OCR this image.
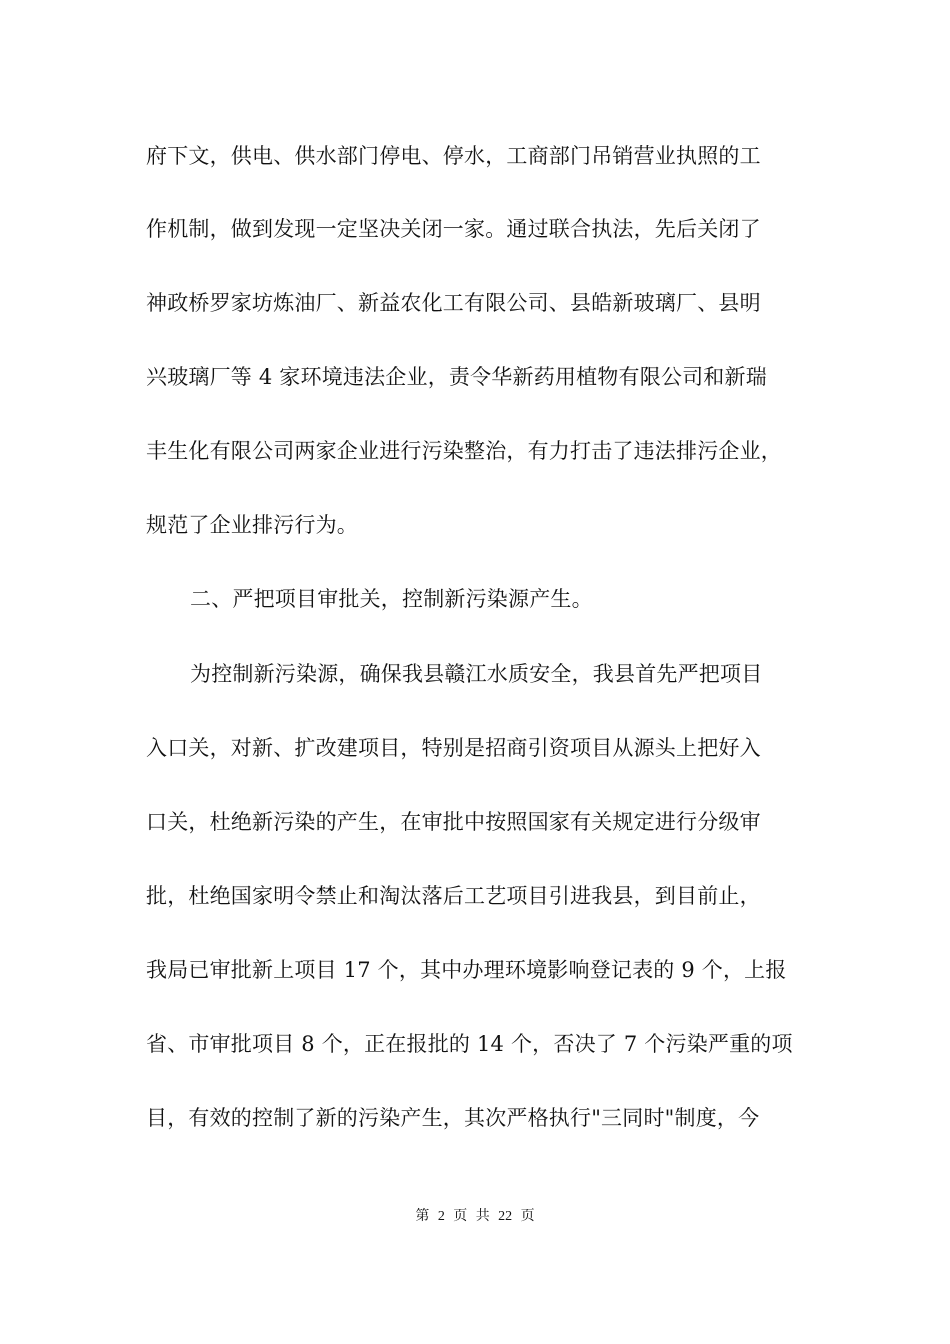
府下文，供电、供水部门停电、停水，工商部门吊销营业执照的工
作机制，做到发现一定坚决关闭一家。通过联合执法，先后关闭了
神政桥罗家坊炼油厂、新益农化工有限公司、县皓新玻璃厂、县明
兴玻璃厂等 4 家环境违法企业，责令华新药用植物有限公司和新瑞
丰生化有限公司两家企业进行污染整治，有力打击了违法排污企业，
规范了企业排污行为。
二、严把项目审批关，控制新污染源产生。
为控制新污染源，确保我县赣江水质安全，我县首先严把项目
入口关，对新、扩改建项目，特别是招商引资项目从源头上把好入
口关，杜绝新污染的产生，在审批中按照国家有关规定进行分级审
批，杜绝国家明令禁止和淘汰落后工艺项目引进我县，到目前止，
我局已审批新上项目 17 个，其中办理环境影响登记表的 9 个，上报
省、市审批项目 8 个，正在报批的 14 个，否决了 7 个污染严重的项
目，有效的控制了新的污染产生，其次严格执行"三同时"制度，今
第 2 页 共 22 页
